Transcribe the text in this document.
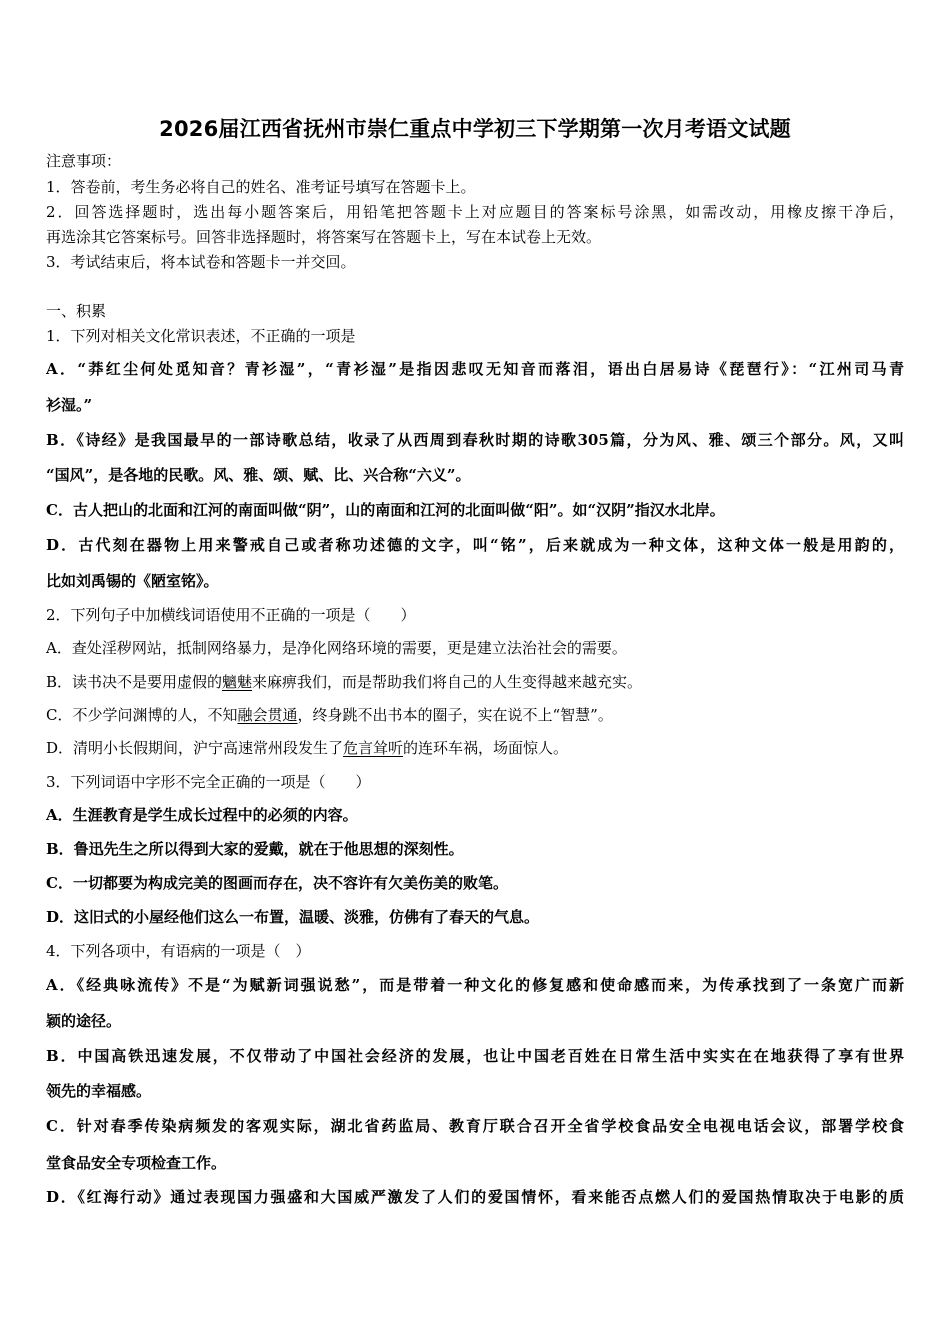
2026届江西省抚州市崇仁重点中学初三下学期第一次月考语文试题
注意事项：
1．答卷前，考生务必将自己的姓名、准考证号填写在答题卡上。
2．回答选择题时，选出每小题答案后，用铅笔把答题卡上对应题目的答案标号涂黑，如需改动，用橡皮擦干净后，
再选涂其它答案标号。回答非选择题时，将答案写在答题卡上，写在本试卷上无效。
3．考试结束后，将本试卷和答题卡一并交回。
一、积累
1．下列对相关文化常识表述，不正确的一项是
A．“莽红尘何处觅知音？青衫湿”，“青衫湿”是指因悲叹无知音而落泪，语出白居易诗《琵琶行》：“江州司马青
衫湿。”
B．《诗经》是我国最早的一部诗歌总结，收录了从西周到春秋时期的诗歌305篇，分为风、雅、颂三个部分。风，又叫
“国风”，是各地的民歌。风、雅、颂、赋、比、兴合称“六义”。
C．古人把山的北面和江河的南面叫做“阴”，山的南面和江河的北面叫做“阳”。如“汉阴”指汉水北岸。
D．古代刻在器物上用来警戒自己或者称功述德的文字，叫“铭”，后来就成为一种文体，这种文体一般是用韵的，
比如刘禹锡的《陋室铭》。
2．下列句子中加横线词语使用不正确的一项是（　　）
A．查处淫秽网站，抵制网络暴力，是净化网络环境的需要，更是建立法治社会的需要。
B．读书决不是要用虚假的魑魅来麻痹我们，而是帮助我们将自己的人生变得越来越充实。
C．不少学问渊博的人，不知融会贯通，终身跳不出书本的圈子，实在说不上“智慧”。
D．清明小长假期间，沪宁高速常州段发生了危言耸听的连环车祸，场面惊人。
3．下列词语中字形不完全正确的一项是（　　）
A．生涯教育是学生成长过程中的必须的内容。
B．鲁迅先生之所以得到大家的爱戴，就在于他思想的深刻性。
C．一切都要为构成完美的图画而存在，决不容许有欠美伤美的败笔。
D．这旧式的小屋经他们这么一布置，温暖、淡雅，仿佛有了春天的气息。
4．下列各项中，有语病的一项是（　）
A．《经典咏流传》不是“为赋新词强说愁”，而是带着一种文化的修复感和使命感而来，为传承找到了一条宽广而新
颖的途径。
B．中国高铁迅速发展，不仅带动了中国社会经济的发展，也让中国老百姓在日常生活中实实在在地获得了享有世界
领先的幸福感。
C．针对春季传染病频发的客观实际，湖北省药监局、教育厅联合召开全省学校食品安全电视电话会议，部署学校食
堂食品安全专项检查工作。
D．《红海行动》通过表现国力强盛和大国威严激发了人们的爱国情怀，看来能否点燃人们的爱国热情取决于电影的质
